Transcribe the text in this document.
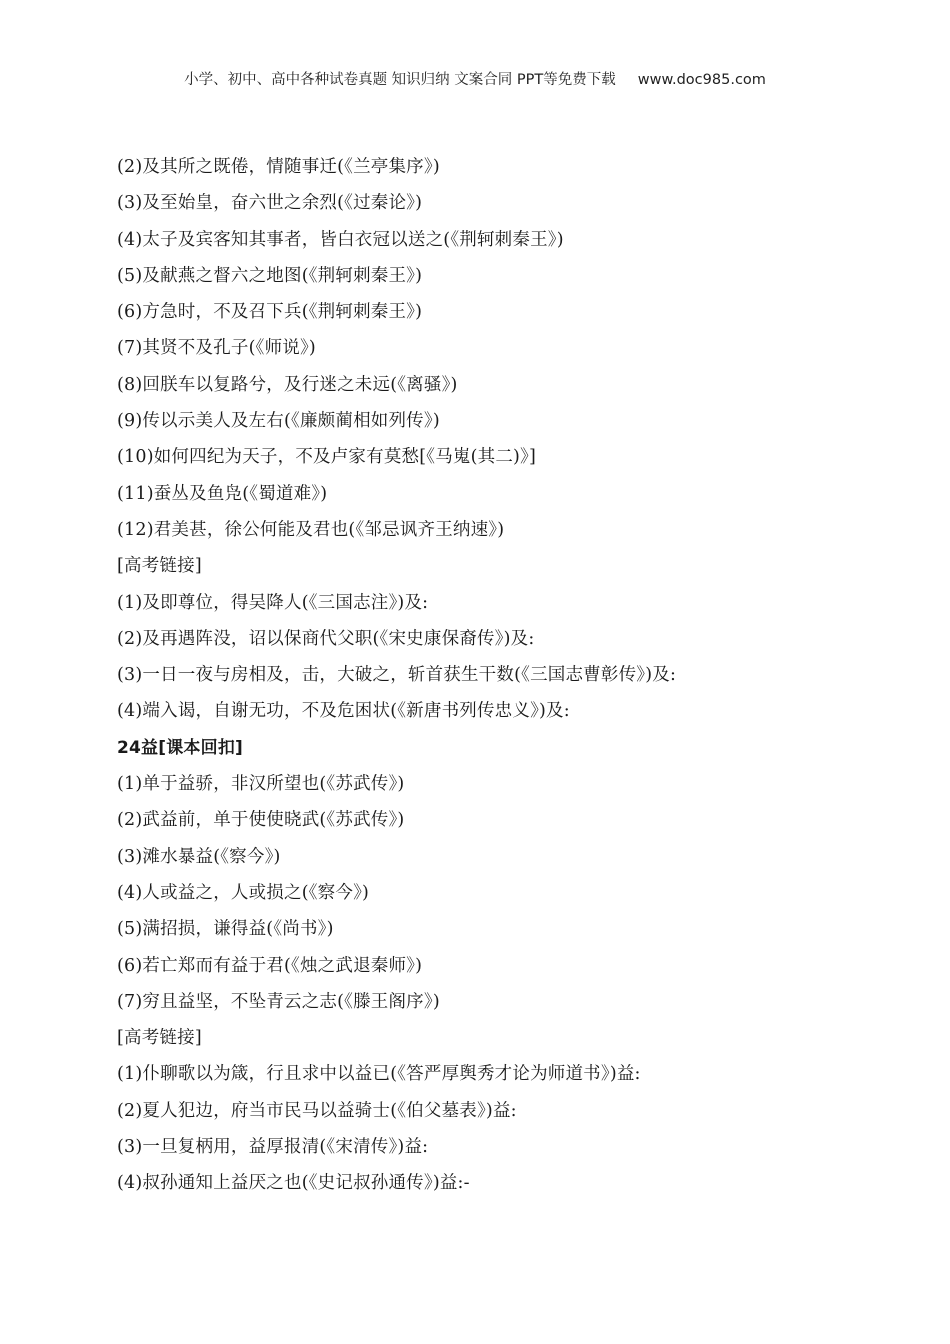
小学、初中、高中各种试卷真题 知识归纳 文案合同 PPT等免费下载 www.doc985.com
(2)及其所之既倦，情随事迁(《兰亭集序》)
(3)及至始皇，奋六世之余烈(《过秦论》)
(4)太子及宾客知其事者，皆白衣冠以送之(《荆轲刺秦王》)
(5)及献燕之督六之地图(《荆轲刺秦王》)
(6)方急时，不及召下兵(《荆轲刺秦王》)
(7)其贤不及孔子(《师说》)
(8)回朕车以复路兮，及行迷之未远(《离骚》)
(9)传以示美人及左右(《廉颇蔺相如列传》)
(10)如何四纪为天子，不及卢家有莫愁[《马嵬(其二)》]
(11)蚕丛及鱼凫(《蜀道难》)
(12)君美甚，徐公何能及君也(《邹忌讽齐王纳速》)
[高考链接]
(1)及即尊位，得吴降人(《三国志注》)及:
(2)及再遇阵没，诏以保商代父职(《宋史康保裔传》)及:
(3)一日一夜与房相及，击，大破之，斩首获生干数(《三国志曹彰传》)及:
(4)端入谒，自谢无功，不及危困状(《新唐书列传忠义》)及:
24益[课本回扣]
(1)单于益骄，非汉所望也(《苏武传》)
(2)武益前，单于使使晓武(《苏武传》)
(3)滩水暴益(《察今》)
(4)人或益之，人或损之(《察今》)
(5)满招损，谦得益(《尚书》)
(6)若亡郑而有益于君(《烛之武退秦师》)
(7)穷且益坚，不坠青云之志(《滕王阁序》)
[高考链接]
(1)仆聊歌以为箴，行且求中以益已(《答严厚舆秀才论为师道书》)益:
(2)夏人犯边，府当市民马以益骑士(《伯父墓表》)益:
(3)一旦复柄用，益厚报清(《宋清传》)益:
(4)叔孙通知上益厌之也(《史记叔孙通传》)益:-
